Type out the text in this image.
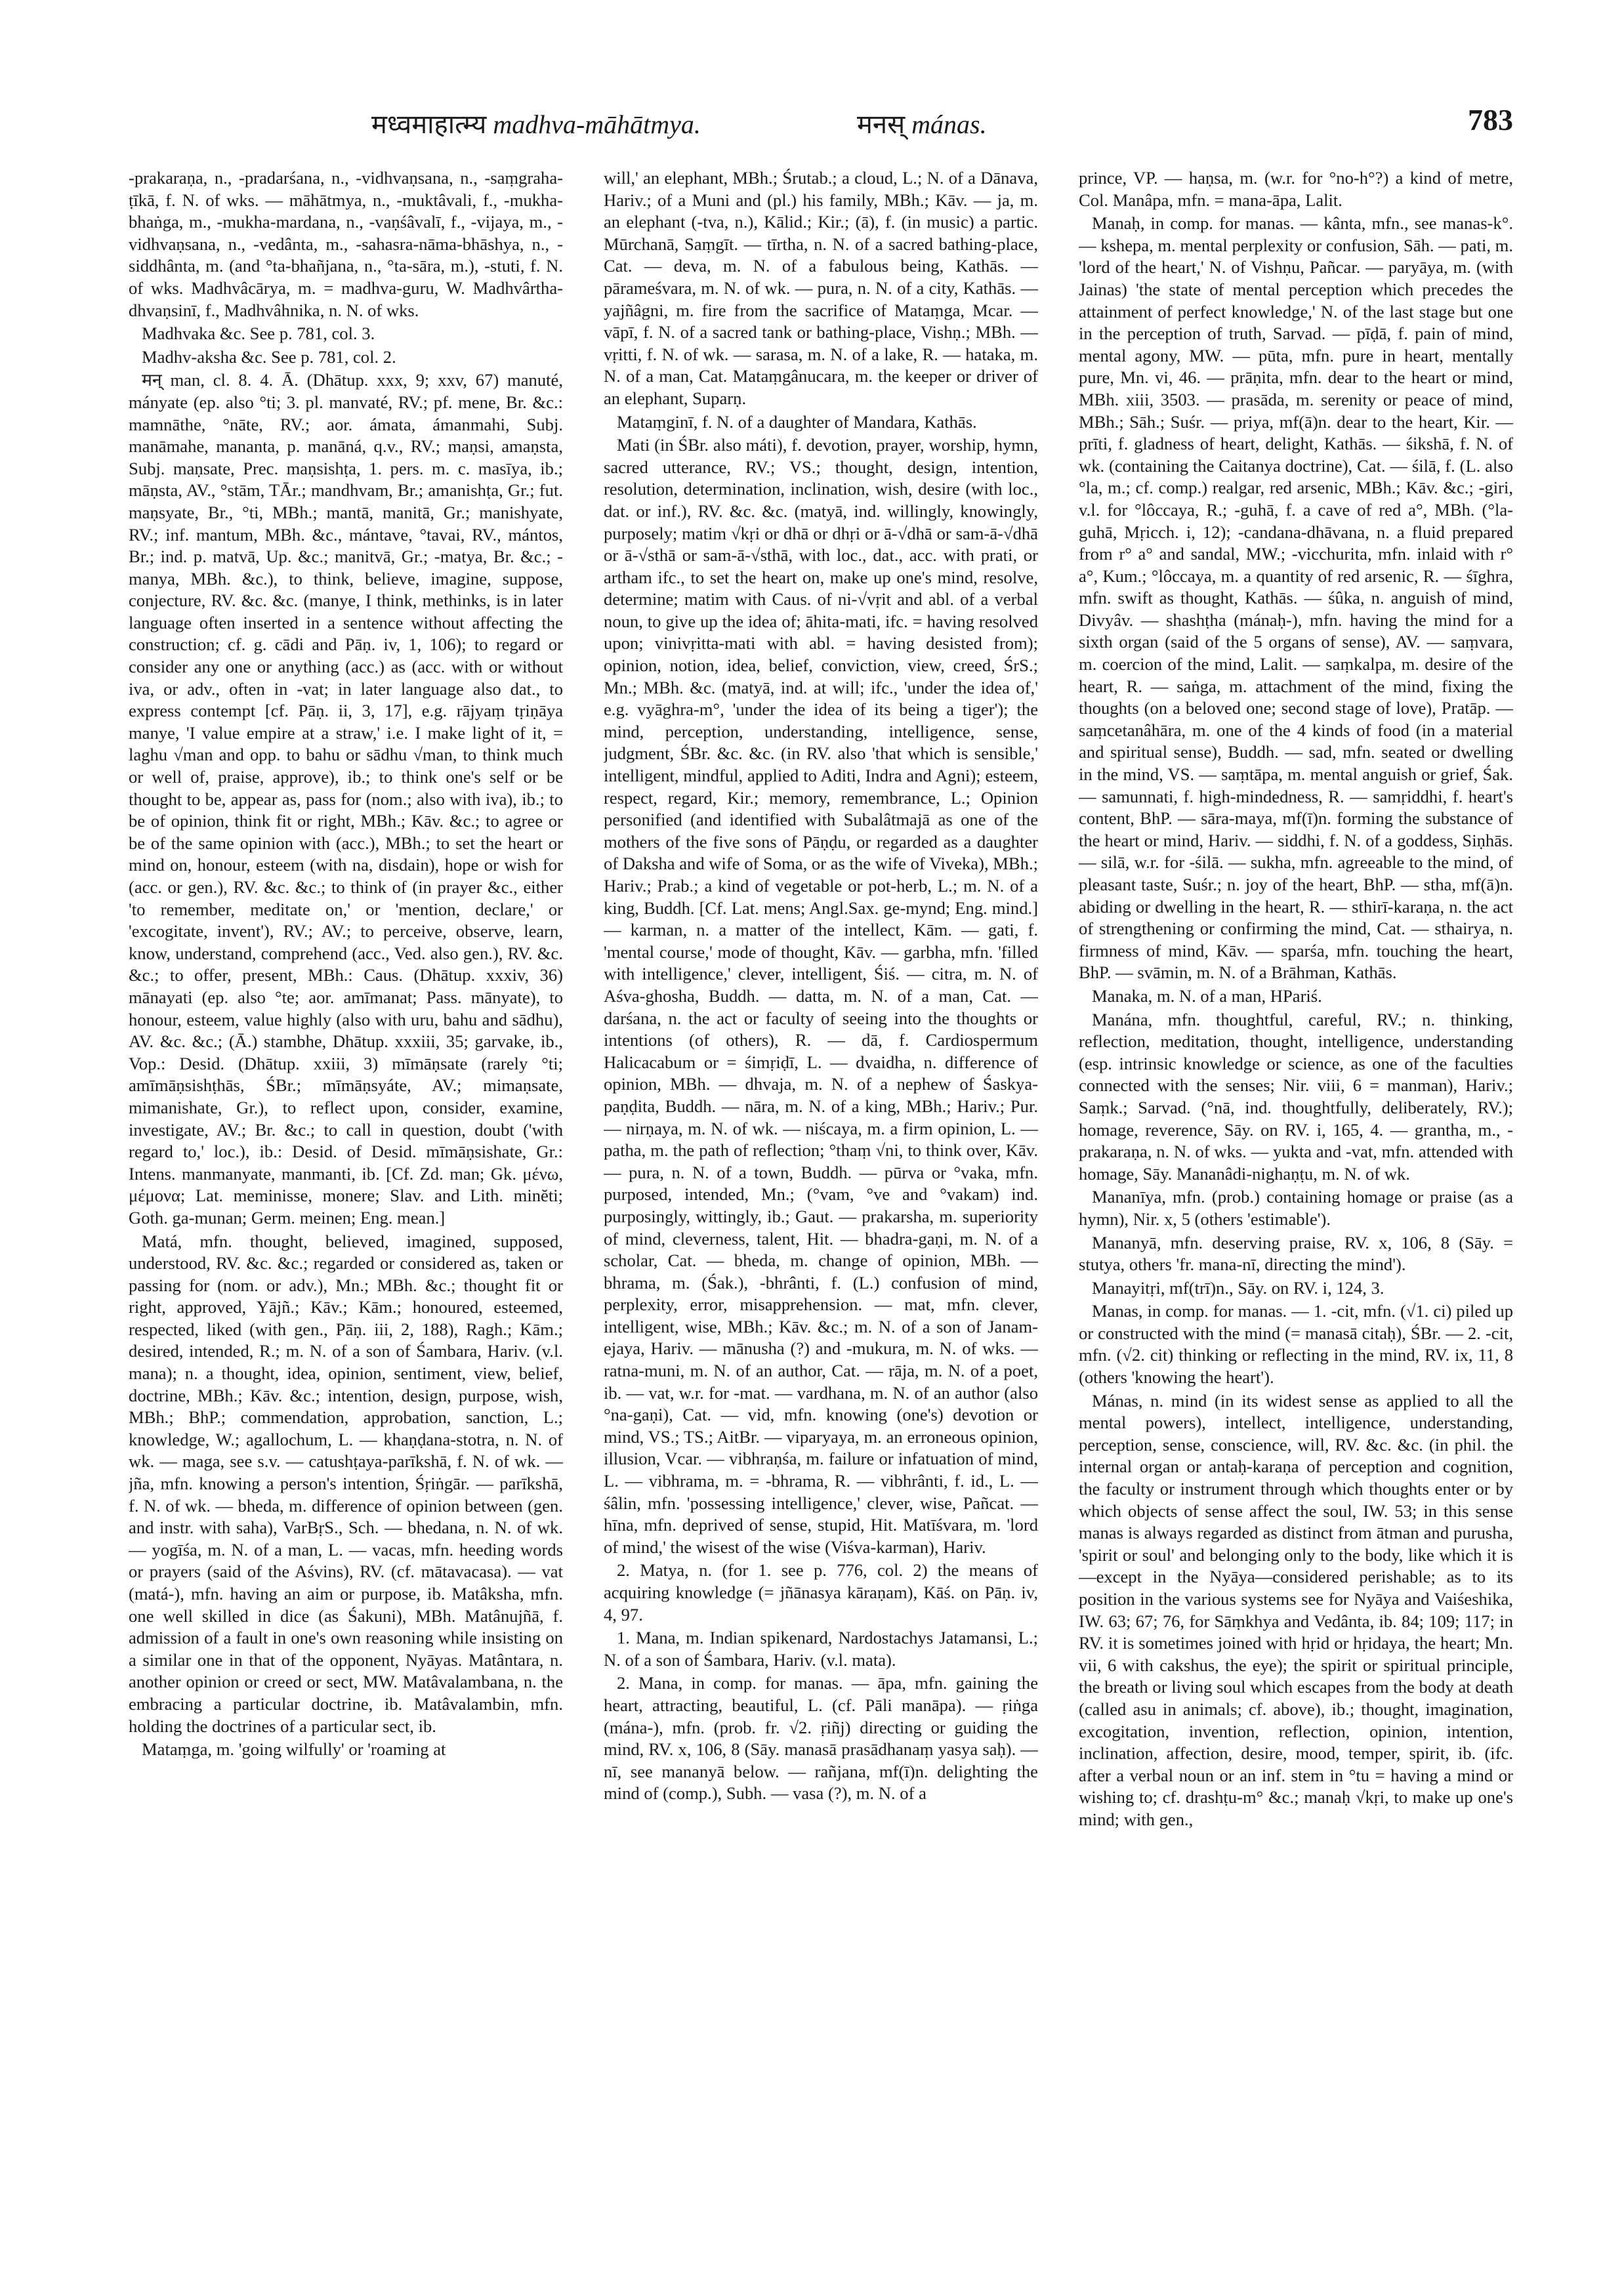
मध्वमाहात्म्य madhva-māhātmya.	मनस् mánas.	783

-prakaraṇa, n., -pradarśana, n., -vidhvaṇsana, n., -saṃgraha-ṭīkā, f. N. of wks. — māhātmya, n., -muktâvali, f., -mukha-bhaṅga, m., -mukha-mardana, n., -vaṇśâvalī, f., -vijaya, m., -vidhvaṇsana, n., -vedânta, m., -sahasra-nāma-bhāshya, n., -siddhânta, m. (and °ta-bhañjana, n., °ta-sāra, m.), -stuti, f. N. of wks. Madhvâcārya, m. = madhva-guru, W. Madhvârtha-dhvaṇsinī, f., Madhvâhnika, n. N. of wks.

Madhvaka &c. See p. 781, col. 3.

Madhv-aksha &c. See p. 781, col. 2.

मन् man, cl. 8. 4. Ā. (Dhātup. xxx, 9; xxv, 67) manuté, mányate (ep. also °ti; 3. pl. manvaté, RV.; pf. mene, Br. &c.: mamnāthe, °nāte, RV.; aor. ámata, ámanmahi, Subj. manāmahe, mananta, p. manāná, q.v., RV.; maṇsi, amaṇsta, Subj. maṇsate, Prec. maṇsishṭa, 1. pers. m. c. masīya, ib.; māṇsta, AV., °stām, TĀr.; mandhvam, Br.; amanishṭa, Gr.; fut. maṇsyate, Br., °ti, MBh.; mantā, manitā, Gr.; manishyate, RV.; inf. mantum, MBh. &c., mántave, °tavai, RV., mántos, Br.; ind. p. matvā, Up. &c.; manitvā, Gr.; -matya, Br. &c.; -manya, MBh. &c.), to think, believe, imagine, suppose, conjecture, RV. &c. &c. (manye, I think, methinks, is in later language often inserted in a sentence without affecting the construction; cf. g. cādi and Pāṇ. iv, 1, 106); to regard or consider any one or anything (acc.) as (acc. with or without iva, or adv., often in -vat; in later language also dat., to express contempt [cf. Pāṇ. ii, 3, 17], e.g. rājyaṃ tṛiṇāya manye, 'I value empire at a straw,' i.e. I make light of it, = laghu √man and opp. to bahu or sādhu √man, to think much or well of, praise, approve), ib.; to think one's self or be thought to be, appear as, pass for (nom.; also with iva), ib.; to be of opinion, think fit or right, MBh.; Kāv. &c.; to agree or be of the same opinion with (acc.), MBh.; to set the heart or mind on, honour, esteem (with na, disdain), hope or wish for (acc. or gen.), RV. &c. &c.; to think of (in prayer &c., either 'to remember, meditate on,' or 'mention, declare,' or 'excogitate, invent'), RV.; AV.; to perceive, observe, learn, know, understand, comprehend (acc., Ved. also gen.), RV. &c. &c.; to offer, present, MBh.: Caus. (Dhātup. xxxiv, 36) mānayati (ep. also °te; aor. amīmanat; Pass. mānyate), to honour, esteem, value highly (also with uru, bahu and sādhu), AV. &c. &c.; (Ā.) stambhe, Dhātup. xxxiii, 35; garvake, ib., Vop.: Desid. (Dhātup. xxiii, 3) mīmāṇsate (rarely °ti; amīmāṇsishṭhās, ŚBr.; mīmāṇsyáte, AV.; mimaṇsate, mimanishate, Gr.), to reflect upon, consider, examine, investigate, AV.; Br. &c.; to call in question, doubt ('with regard to,' loc.), ib.: Desid. of Desid. mīmāṇsishate, Gr.: Intens. manmanyate, manmanti, ib. [Cf. Zd. man; Gk. μένω, μέμονα; Lat. meminisse, monere; Slav. and Lith. minĕti; Goth. ga-munan; Germ. meinen; Eng. mean.]

Matá, mfn. thought, believed, imagined, supposed, understood, RV. &c. &c.; regarded or considered as, taken or passing for (nom. or adv.), Mn.; MBh. &c.; thought fit or right, approved, Yājñ.; Kāv.; Kām.; honoured, esteemed, respected, liked (with gen., Pāṇ. iii, 2, 188), Ragh.; Kām.; desired, intended, R.; m. N. of a son of Śambara, Hariv. (v.l. mana); n. a thought, idea, opinion, sentiment, view, belief, doctrine, MBh.; Kāv. &c.; intention, design, purpose, wish, MBh.; BhP.; commendation, approbation, sanction, L.; knowledge, W.; agallochum, L. — khaṇḍana-stotra, n. N. of wk. — maga, see s.v. — catushṭaya-parīkshā, f. N. of wk. — jña, mfn. knowing a person's intention, Śṛiṅgār. — parīkshā, f. N. of wk. — bheda, m. difference of opinion between (gen. and instr. with saha), VarBṛS., Sch. — bhedana, n. N. of wk. — yogīśa, m. N. of a man, L. — vacas, mfn. heeding words or prayers (said of the Aśvins), RV. (cf. mātavacasa). — vat (matá-), mfn. having an aim or purpose, ib. Matâksha, mfn. one well skilled in dice (as Śakuni), MBh. Matânujñā, f. admission of a fault in one's own reasoning while insisting on a similar one in that of the opponent, Nyāyas. Matântara, n. another opinion or creed or sect, MW. Matâvalambana, n. the embracing a particular doctrine, ib. Matâvalambin, mfn. holding the doctrines of a particular sect, ib.

Mataṃga, m. 'going wilfully' or 'roaming at

will,' an elephant, MBh.; Śrutab.; a cloud, L.; N. of a Dānava, Hariv.; of a Muni and (pl.) his family, MBh.; Kāv. — ja, m. an elephant (-tva, n.), Kālid.; Kir.; (ā), f. (in music) a partic. Mūrchanā, Saṃgīt. — tīrtha, n. N. of a sacred bathing-place, Cat. — deva, m. N. of a fabulous being, Kathās. — pārameśvara, m. N. of wk. — pura, n. N. of a city, Kathās. — yajñâgni, m. fire from the sacrifice of Mataṃga, Mcar. — vāpī, f. N. of a sacred tank or bathing-place, Vishṇ.; MBh. — vṛitti, f. N. of wk. — sarasa, m. N. of a lake, R. — hataka, m. N. of a man, Cat. Mataṃgânucara, m. the keeper or driver of an elephant, Suparṇ.

Mataṃginī, f. N. of a daughter of Mandara, Kathās.

Mati (in ŚBr. also máti), f. devotion, prayer, worship, hymn, sacred utterance, RV.; VS.; thought, design, intention, resolution, determination, inclination, wish, desire (with loc., dat. or inf.), RV. &c. &c. (matyā, ind. willingly, knowingly, purposely; matim √kṛi or dhā or dhṛi or ā-√dhā or sam-ā-√dhā or ā-√sthā or sam-ā-√sthā, with loc., dat., acc. with prati, or artham ifc., to set the heart on, make up one's mind, resolve, determine; matim with Caus. of ni-√vṛit and abl. of a verbal noun, to give up the idea of; āhita-mati, ifc. = having resolved upon; vinivṛitta-mati with abl. = having desisted from); opinion, notion, idea, belief, conviction, view, creed, ŚrS.; Mn.; MBh. &c. (matyā, ind. at will; ifc., 'under the idea of,' e.g. vyāghra-m°, 'under the idea of its being a tiger'); the mind, perception, understanding, intelligence, sense, judgment, ŚBr. &c. &c. (in RV. also 'that which is sensible,' intelligent, mindful, applied to Aditi, Indra and Agni); esteem, respect, regard, Kir.; memory, remembrance, L.; Opinion personified (and identified with Subalâtmajā as one of the mothers of the five sons of Pāṇḍu, or regarded as a daughter of Daksha and wife of Soma, or as the wife of Viveka), MBh.; Hariv.; Prab.; a kind of vegetable or pot-herb, L.; m. N. of a king, Buddh. [Cf. Lat. mens; Angl.Sax. ge-mynd; Eng. mind.] — karman, n. a matter of the intellect, Kām. — gati, f. 'mental course,' mode of thought, Kāv. — garbha, mfn. 'filled with intelligence,' clever, intelligent, Śiś. — citra, m. N. of Aśva-ghosha, Buddh. — datta, m. N. of a man, Cat. — darśana, n. the act or faculty of seeing into the thoughts or intentions (of others), R. — dā, f. Cardiospermum Halicacabum or = śimṛiḍī, L. — dvaidha, n. difference of opinion, MBh. — dhvaja, m. N. of a nephew of Śaskya-paṇḍita, Buddh. — nāra, m. N. of a king, MBh.; Hariv.; Pur. — nirṇaya, m. N. of wk. — niścaya, m. a firm opinion, L. — patha, m. the path of reflection; °thaṃ √ni, to think over, Kāv. — pura, n. N. of a town, Buddh. — pūrva or °vaka, mfn. purposed, intended, Mn.; (°vam, °ve and °vakam) ind. purposingly, wittingly, ib.; Gaut. — prakarsha, m. superiority of mind, cleverness, talent, Hit. — bhadra-gaṇi, m. N. of a scholar, Cat. — bheda, m. change of opinion, MBh. — bhrama, m. (Śak.), -bhrânti, f. (L.) confusion of mind, perplexity, error, misapprehension. — mat, mfn. clever, intelligent, wise, MBh.; Kāv. &c.; m. N. of a son of Janam-ejaya, Hariv. — mānusha (?) and -mukura, m. N. of wks. — ratna-muni, m. N. of an author, Cat. — rāja, m. N. of a poet, ib. — vat, w.r. for -mat. — vardhana, m. N. of an author (also °na-gaṇi), Cat. — vid, mfn. knowing (one's) devotion or mind, VS.; TS.; AitBr. — viparyaya, m. an erroneous opinion, illusion, Vcar. — vibhraṇśa, m. failure or infatuation of mind, L. — vibhrama, m. = -bhrama, R. — vibhrânti, f. id., L. — śâlin, mfn. 'possessing intelligence,' clever, wise, Pañcat. — hīna, mfn. deprived of sense, stupid, Hit. Matīśvara, m. 'lord of mind,' the wisest of the wise (Viśva-karman), Hariv.

2. Matya, n. (for 1. see p. 776, col. 2) the means of acquiring knowledge (= jñānasya kāraṇam), Kāś. on Pāṇ. iv, 4, 97.

1. Mana, m. Indian spikenard, Nardostachys Jatamansi, L.; N. of a son of Śambara, Hariv. (v.l. mata).

2. Mana, in comp. for manas. — āpa, mfn. gaining the heart, attracting, beautiful, L. (cf. Pāli manāpa). — ṛiṅga (mána-), mfn. (prob. fr. √2. ṛiñj) directing or guiding the mind, RV. x, 106, 8 (Sāy. manasā prasādhanaṃ yasya saḥ). — nī, see mananyā below. — rañjana, mf(ī)n. delighting the mind of (comp.), Subh. — vasa (?), m. N. of a

prince, VP. — haṇsa, m. (w.r. for °no-h°?) a kind of metre, Col. Manâpa, mfn. = mana-āpa, Lalit.

Manaḥ, in comp. for manas. — kânta, mfn., see manas-k°. — kshepa, m. mental perplexity or confusion, Sāh. — pati, m. 'lord of the heart,' N. of Vishṇu, Pañcar. — paryāya, m. (with Jainas) 'the state of mental perception which precedes the attainment of perfect knowledge,' N. of the last stage but one in the perception of truth, Sarvad. — pīḍā, f. pain of mind, mental agony, MW. — pūta, mfn. pure in heart, mentally pure, Mn. vi, 46. — prāṇita, mfn. dear to the heart or mind, MBh. xiii, 3503. — prasāda, m. serenity or peace of mind, MBh.; Sāh.; Suśr. — priya, mf(ā)n. dear to the heart, Kir. — prīti, f. gladness of heart, delight, Kathās. — śikshā, f. N. of wk. (containing the Caitanya doctrine), Cat. — śilā, f. (L. also °la, m.; cf. comp.) realgar, red arsenic, MBh.; Kāv. &c.; -giri, v.l. for °lôccaya, R.; -guhā, f. a cave of red a°, MBh. (°la-guhā, Mṛicch. i, 12); -candana-dhāvana, n. a fluid prepared from r° a° and sandal, MW.; -vicchurita, mfn. inlaid with r° a°, Kum.; °lôccaya, m. a quantity of red arsenic, R. — śīghra, mfn. swift as thought, Kathās. — śûka, n. anguish of mind, Divyâv. — shashṭha (mánaḥ-), mfn. having the mind for a sixth organ (said of the 5 organs of sense), AV. — saṃvara, m. coercion of the mind, Lalit. — saṃkalpa, m. desire of the heart, R. — saṅga, m. attachment of the mind, fixing the thoughts (on a beloved one; second stage of love), Pratāp. — saṃcetanâhāra, m. one of the 4 kinds of food (in a material and spiritual sense), Buddh. — sad, mfn. seated or dwelling in the mind, VS. — saṃtāpa, m. mental anguish or grief, Śak. — samunnati, f. high-mindedness, R. — samṛiddhi, f. heart's content, BhP. — sāra-maya, mf(ī)n. forming the substance of the heart or mind, Hariv. — siddhi, f. N. of a goddess, Siṇhās. — silā, w.r. for -śilā. — sukha, mfn. agreeable to the mind, of pleasant taste, Suśr.; n. joy of the heart, BhP. — stha, mf(ā)n. abiding or dwelling in the heart, R. — sthirī-karaṇa, n. the act of strengthening or confirming the mind, Cat. — sthairya, n. firmness of mind, Kāv. — sparśa, mfn. touching the heart, BhP. — svāmin, m. N. of a Brāhman, Kathās.

Manaka, m. N. of a man, HPariś.

Manána, mfn. thoughtful, careful, RV.; n. thinking, reflection, meditation, thought, intelligence, understanding (esp. intrinsic knowledge or science, as one of the faculties connected with the senses; Nir. viii, 6 = manman), Hariv.; Saṃk.; Sarvad. (°nā, ind. thoughtfully, deliberately, RV.); homage, reverence, Sāy. on RV. i, 165, 4. — grantha, m., -prakaraṇa, n. N. of wks. — yukta and -vat, mfn. attended with homage, Sāy. Mananâdi-nighaṇṭu, m. N. of wk.

Mananīya, mfn. (prob.) containing homage or praise (as a hymn), Nir. x, 5 (others 'estimable').

Mananyā, mfn. deserving praise, RV. x, 106, 8 (Sāy. = stutya, others 'fr. mana-nī, directing the mind').

Manayitṛi, mf(trī)n., Sāy. on RV. i, 124, 3.

Manas, in comp. for manas. — 1. -cit, mfn. (√1. ci) piled up or constructed with the mind (= manasā citaḥ), ŚBr. — 2. -cit, mfn. (√2. cit) thinking or reflecting in the mind, RV. ix, 11, 8 (others 'knowing the heart').

Mánas, n. mind (in its widest sense as applied to all the mental powers), intellect, intelligence, understanding, perception, sense, conscience, will, RV. &c. &c. (in phil. the internal organ or antaḥ-karaṇa of perception and cognition, the faculty or instrument through which thoughts enter or by which objects of sense affect the soul, IW. 53; in this sense manas is always regarded as distinct from ātman and purusha, 'spirit or soul' and belonging only to the body, like which it is—except in the Nyāya—considered perishable; as to its position in the various systems see for Nyāya and Vaiśeshika, IW. 63; 67; 76, for Sāṃkhya and Vedânta, ib. 84; 109; 117; in RV. it is sometimes joined with hṛid or hṛidaya, the heart; Mn. vii, 6 with cakshus, the eye); the spirit or spiritual principle, the breath or living soul which escapes from the body at death (called asu in animals; cf. above), ib.; thought, imagination, excogitation, invention, reflection, opinion, intention, inclination, affection, desire, mood, temper, spirit, ib. (ifc. after a verbal noun or an inf. stem in °tu = having a mind or wishing to; cf. drashṭu-m° &c.; manaḥ √kṛi, to make up one's mind; with gen.,
